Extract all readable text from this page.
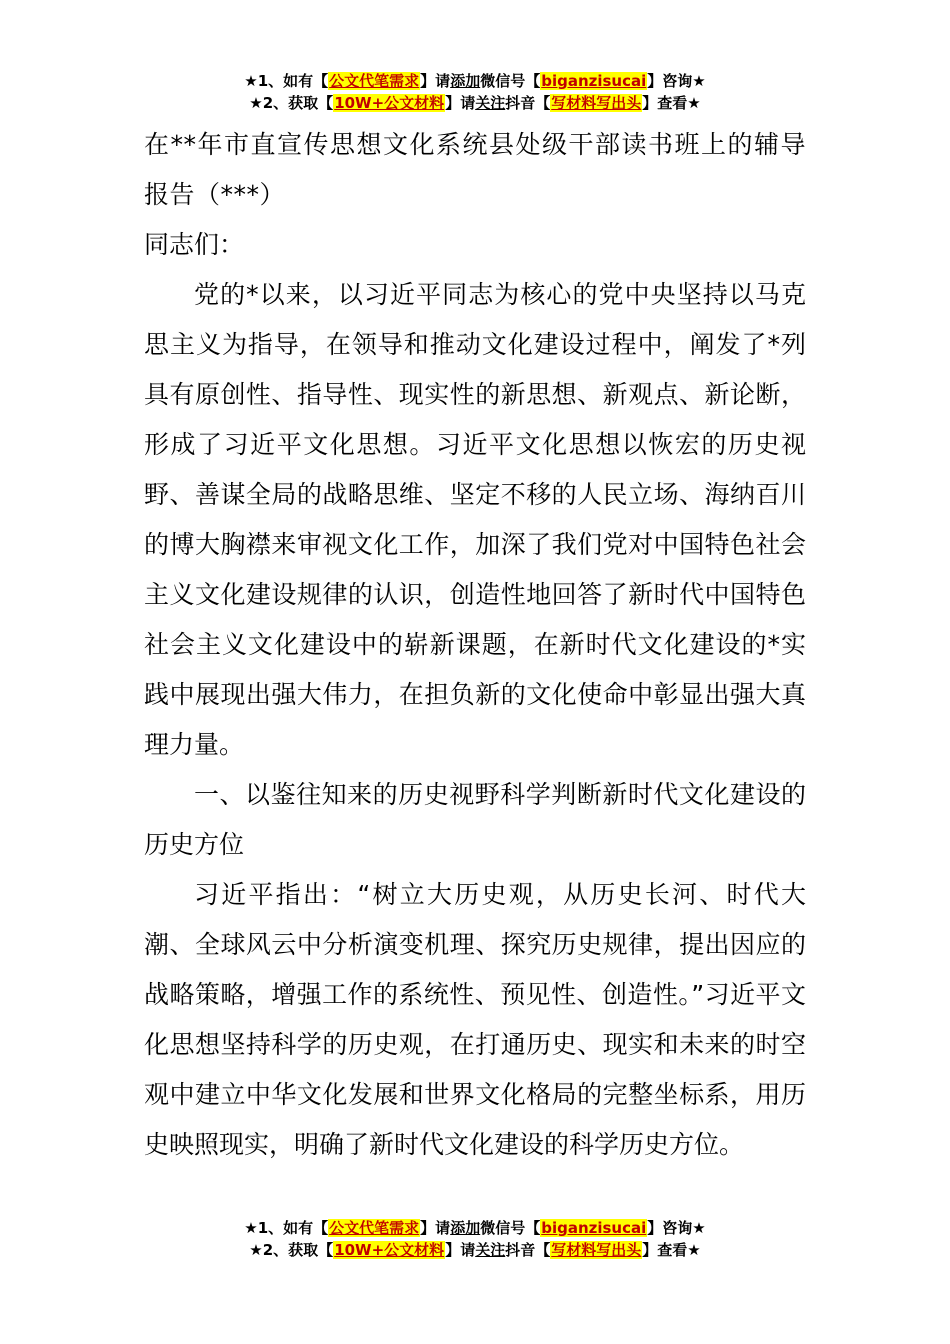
★1、如有【公文代笔需求】请添加微信号【biganzisucai】咨询★
★2、获取【10W+公文材料】请关注抖音【写材料写出头】查看★

在**年市直宣传思想文化系统县处级干部读书班上的辅导报告（***）

同志们：

党的*以来，以习近平同志为核心的党中央坚持以马克思主义为指导，在领导和推动文化建设过程中，阐发了*列具有原创性、指导性、现实性的新思想、新观点、新论断，形成了习近平文化思想。习近平文化思想以恢宏的历史视野、善谋全局的战略思维、坚定不移的人民立场、海纳百川的博大胸襟来审视文化工作，加深了我们党对中国特色社会主义文化建设规律的认识，创造性地回答了新时代中国特色社会主义文化建设中的崭新课题，在新时代文化建设的*实践中展现出强大伟力，在担负新的文化使命中彰显出强大真理力量。

一、以鉴往知来的历史视野科学判断新时代文化建设的历史方位

习近平指出：“树立大历史观，从历史长河、时代大潮、全球风云中分析演变机理、探究历史规律，提出因应的战略策略，增强工作的系统性、预见性、创造性。”习近平文化思想坚持科学的历史观，在打通历史、现实和未来的时空观中建立中华文化发展和世界文化格局的完整坐标系，用历史映照现实，明确了新时代文化建设的科学历史方位。

★1、如有【公文代笔需求】请添加微信号【biganzisucai】咨询★
★2、获取【10W+公文材料】请关注抖音【写材料写出头】查看★
